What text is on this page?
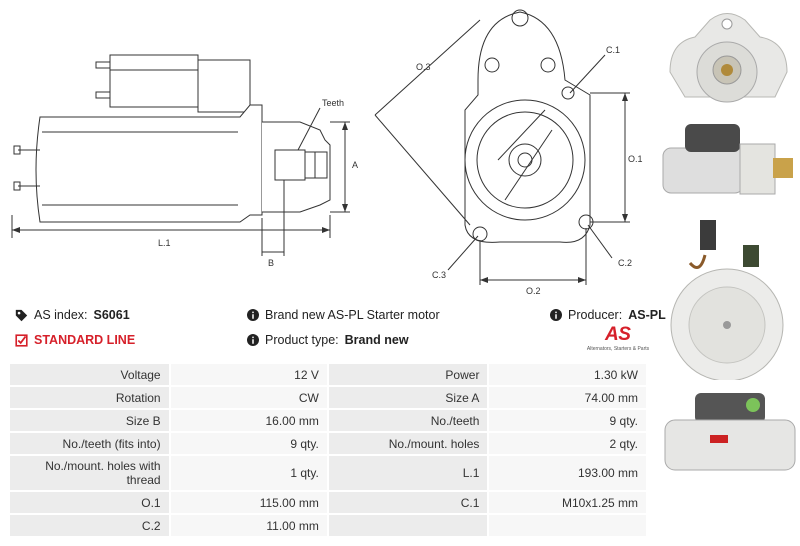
Teeth
A
L.1
B
O.3
C.1
O.1
C.2
C.3
O.2
AS index: S6061
STANDARD LINE
Brand new AS-PL Starter motor
Product type: Brand new
Producer: AS-PL
AS
Alternators, Starters & Parts
Voltage	12 V	Power	1.30 kW
Rotation	CW	Size A	74.00 mm
Size B	16.00 mm	No./teeth	9 qty.
No./teeth (fits into)	9 qty.	No./mount. holes	2 qty.
No./mount. holes with thread	1 qty.	L.1	193.00 mm
O.1	115.00 mm	C.1	M10x1.25 mm
C.2	11.00 mm		
